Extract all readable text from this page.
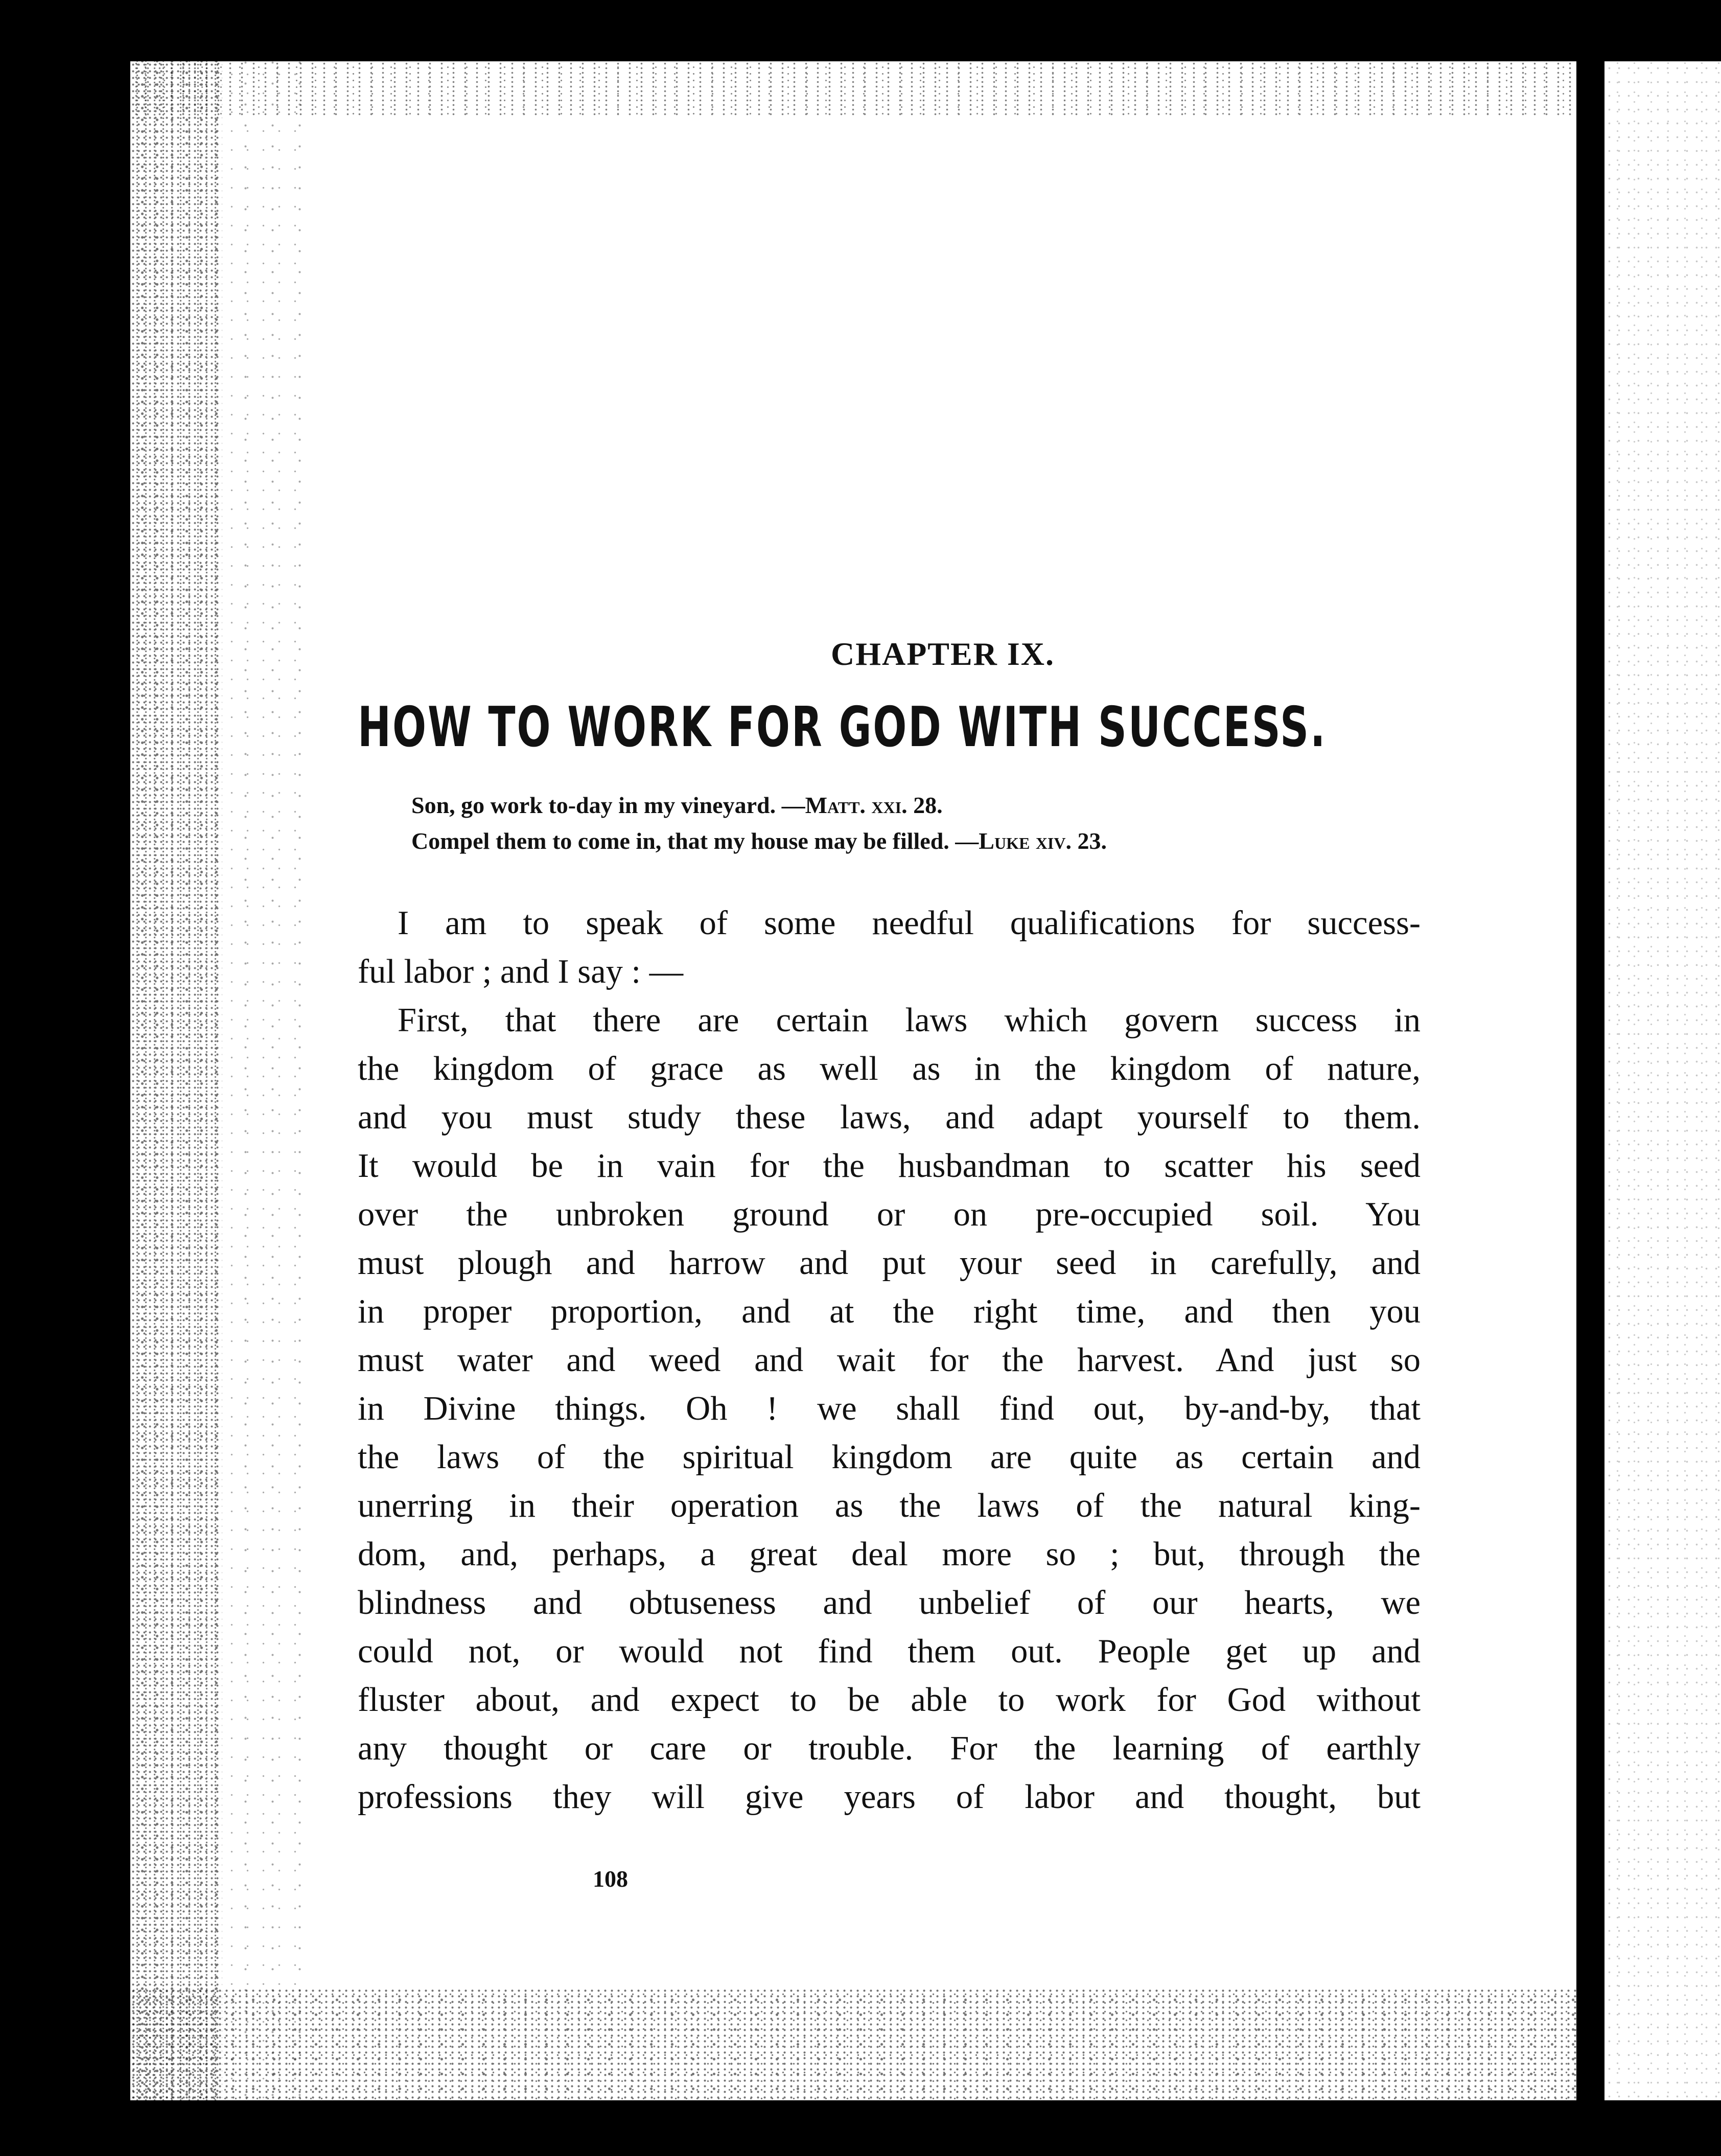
CHAPTER IX.
HOW TO WORK FOR GOD WITH SUCCESS.
Son, go work to-day in my vineyard. —Matt. xxi. 28.
Compel them to come in, that my house may be filled. —Luke xiv. 23.
I am to speak of some needful qualifications for success-
ful labor ; and I say : —
First, that there are certain laws which govern success in
the kingdom of grace as well as in the kingdom of nature,
and you must study these laws, and adapt yourself to them.
It would be in vain for the husbandman to scatter his seed
over the unbroken ground or on pre-occupied soil. You
must plough and harrow and put your seed in carefully, and
in proper proportion, and at the right time, and then you
must water and weed and wait for the harvest. And just so
in Divine things. Oh ! we shall find out, by-and-by, that
the laws of the spiritual kingdom are quite as certain and
unerring in their operation as the laws of the natural king-
dom, and, perhaps, a great deal more so ; but, through the
blindness and obtuseness and unbelief of our hearts, we
could not, or would not find them out. People get up and
fluster about, and expect to be able to work for God without
any thought or care or trouble. For the learning of earthly
professions they will give years of labor and thought, but
108
